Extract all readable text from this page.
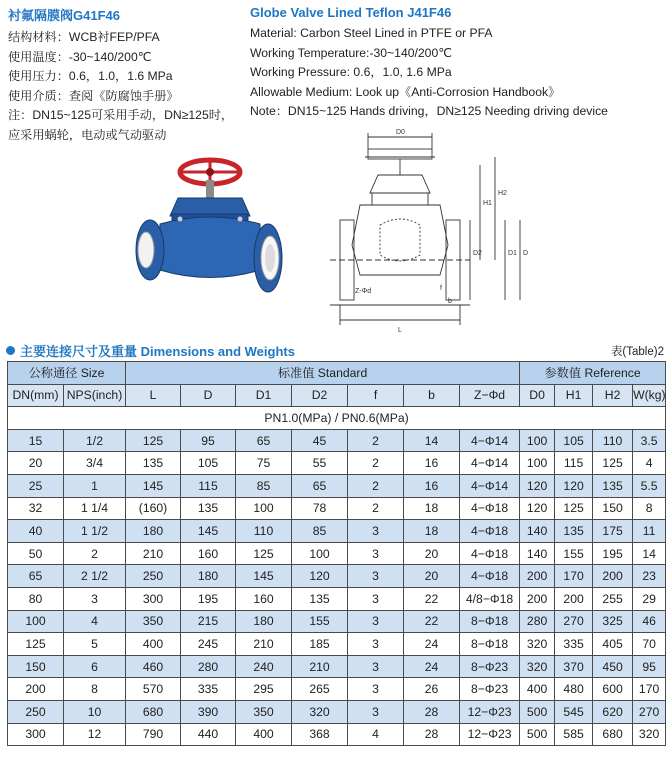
衬氟隔膜阀G41F46
结构材料：WCB衬FEP/PFA
使用温度：-30~140/200℃
使用压力：0.6，1.0，1.6 MPa
使用介质：查阅《防腐蚀手册》
注：DN15~125可采用手动，DN≥125时，
应采用蜗轮，电动或气动驱动
Globe Valve Lined Teflon J41F46
Material: Carbon Steel Lined in PTFE or PFA
Working Temperature:-30~140/200℃
Working Pressure: 0.6，1.0, 1.6 MPa
Allowable Medium: Look up《Anti-Corrosion Handbook》
Note：DN15~125 Hands driving，DN≥125 Needing driving device
D0
H1
H2
D2	D1 D
Z-Φd	f
b
L
主要连接尺寸及重量 Dimensions and Weights	表(Table)2
公称通径 Size		标准值 Standard							参数值 Reference			
DN(mm)	NPS(inch)	L	D	D1	D2	f	b	Z−Φd	D0	H1	H2	W(kg)
PN1.0(MPa) / PN0.6(MPa)												
15	1/2	125	95	65	45	2	14	4−Φ14	100	105	110	3.5
20	3/4	135	105	75	55	2	16	4−Φ14	100	115	125	4
25	1	145	115	85	65	2	16	4−Φ14	120	120	135	5.5
32	1 1/4	(160)	135	100	78	2	18	4−Φ18	120	125	150	8
40	1 1/2	180	145	110	85	3	18	4−Φ18	140	135	175	11
50	2	210	160	125	100	3	20	4−Φ18	140	155	195	14
65	2 1/2	250	180	145	120	3	20	4−Φ18	200	170	200	23
80	3	300	195	160	135	3	22	4/8−Φ18	200	200	255	29
100	4	350	215	180	155	3	22	8−Φ18	280	270	325	46
125	5	400	245	210	185	3	24	8−Φ18	320	335	405	70
150	6	460	280	240	210	3	24	8−Φ23	320	370	450	95
200	8	570	335	295	265	3	26	8−Φ23	400	480	600	170
250	10	680	390	350	320	3	28	12−Φ23	500	545	620	270
300	12	790	440	400	368	4	28	12−Φ23	500	585	680	320
